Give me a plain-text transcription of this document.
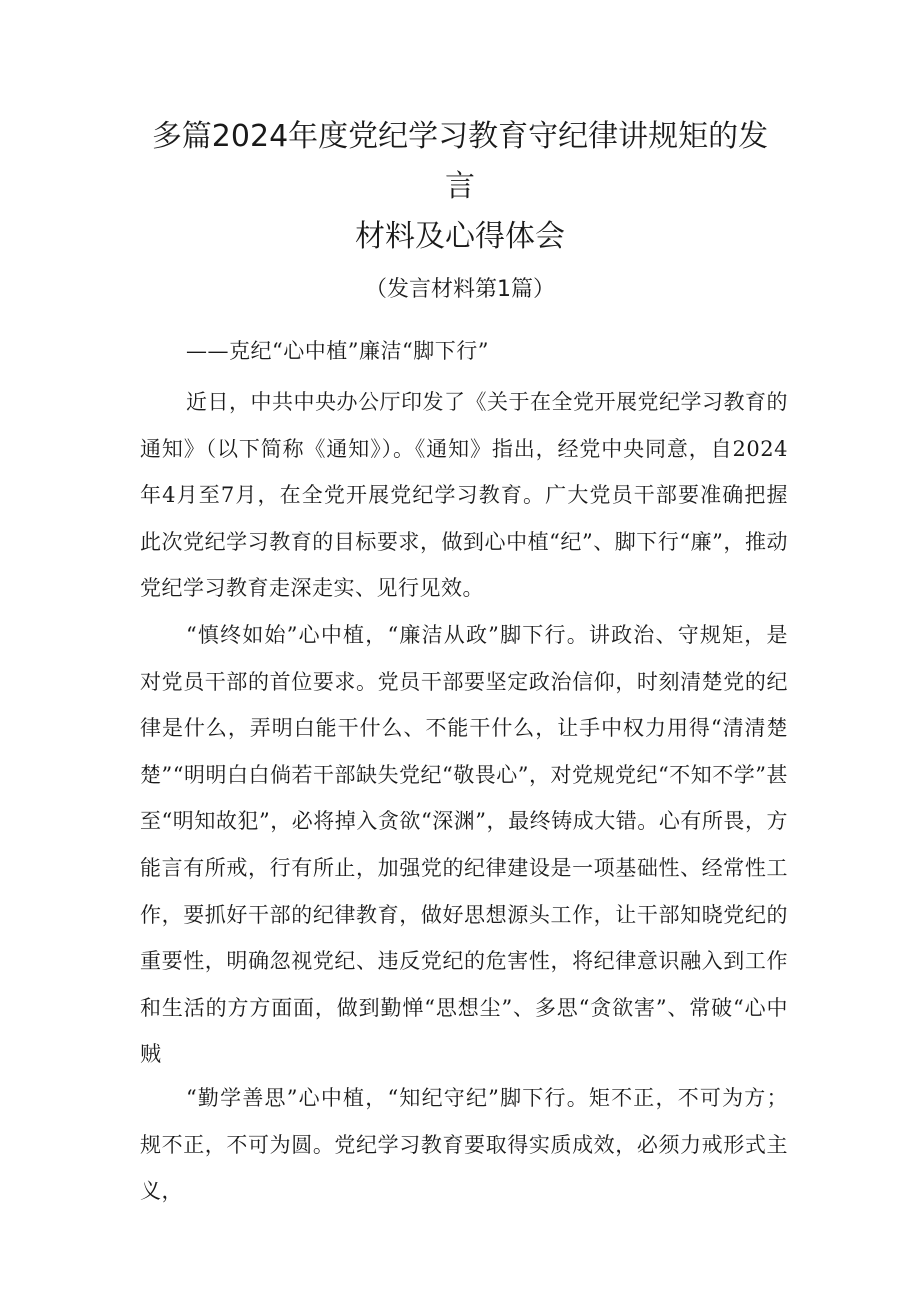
多篇2024年度党纪学习教育守纪律讲规矩的发言
材料及心得体会

（发言材料第1篇）

——克纪“心中植”廉洁“脚下行”

近日，中共中央办公厅印发了《关于在全党开展党纪学习教育的通知》（以下简称《通知》）。《通知》指出，经党中央同意，自2024年4月至7月，在全党开展党纪学习教育。广大党员干部要准确把握此次党纪学习教育的目标要求，做到心中植“纪”、脚下行“廉”，推动党纪学习教育走深走实、见行见效。

“慎终如始”心中植，“廉洁从政”脚下行。讲政治、守规矩，是对党员干部的首位要求。党员干部要坚定政治信仰，时刻清楚党的纪律是什么，弄明白能干什么、不能干什么，让手中权力用得“清清楚楚”“明明白白倘若干部缺失党纪“敬畏心”，对党规党纪“不知不学”甚至“明知故犯”，必将掉入贪欲“深渊”，最终铸成大错。心有所畏，方能言有所戒，行有所止，加强党的纪律建设是一项基础性、经常性工作，要抓好干部的纪律教育，做好思想源头工作，让干部知晓党纪的重要性，明确忽视党纪、违反党纪的危害性，将纪律意识融入到工作和生活的方方面面，做到勤惮“思想尘”、多思“贪欲害”、常破“心中贼

“勤学善思”心中植，“知纪守纪”脚下行。矩不正，不可为方；规不正，不可为圆。党纪学习教育要取得实质成效，必须力戒形式主义，
